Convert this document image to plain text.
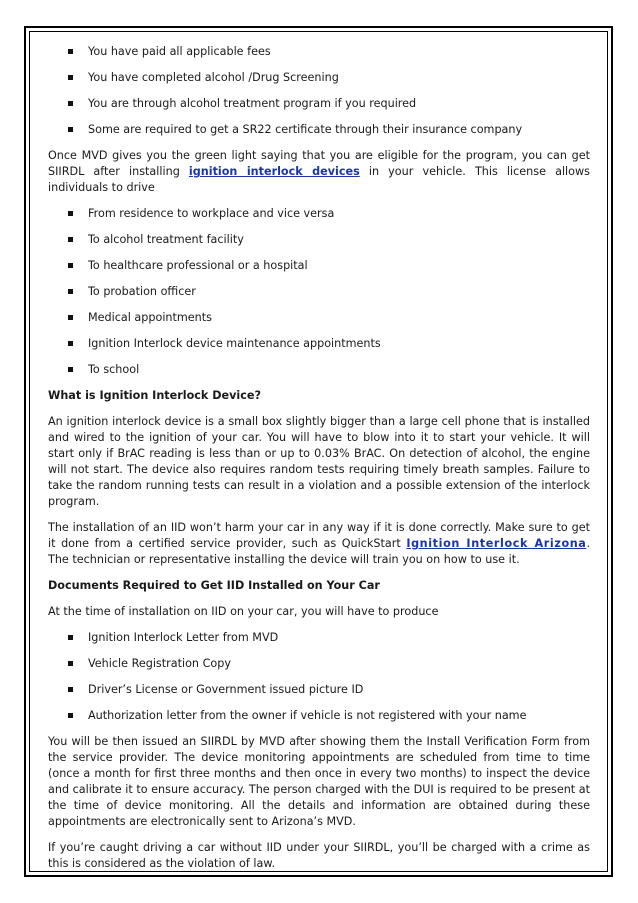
You have paid all applicable fees
You have completed alcohol /Drug Screening
You are through alcohol treatment program if you required
Some are required to get a SR22 certificate through their insurance company

Once MVD gives you the green light saying that you are eligible for the program, you can get SIIRDL after installing ignition interlock devices in your vehicle. This license allows individuals to drive

From residence to workplace and vice versa
To alcohol treatment facility
To healthcare professional or a hospital
To probation officer
Medical appointments
Ignition Interlock device maintenance appointments
To school
What is Ignition Interlock Device?

An ignition interlock device is a small box slightly bigger than a large cell phone that is installed and wired to the ignition of your car. You will have to blow into it to start your vehicle. It will start only if BrAC reading is less than or up to 0.03% BrAC. On detection of alcohol, the engine will not start. The device also requires random tests requiring timely breath samples. Failure to take the random running tests can result in a violation and a possible extension of the interlock program.

The installation of an IID won’t harm your car in any way if it is done correctly. Make sure to get it done from a certified service provider, such as QuickStart Ignition Interlock Arizona. The technician or representative installing the device will train you on how to use it.

Documents Required to Get IID Installed on Your Car

At the time of installation on IID on your car, you will have to produce

Ignition Interlock Letter from MVD
Vehicle Registration Copy
Driver’s License or Government issued picture ID
Authorization letter from the owner if vehicle is not registered with your name

You will be then issued an SIIRDL by MVD after showing them the Install Verification Form from the service provider. The device monitoring appointments are scheduled from time to time (once a month for first three months and then once in every two months) to inspect the device and calibrate it to ensure accuracy. The person charged with the DUI is required to be present at the time of device monitoring. All the details and information are obtained during these appointments are electronically sent to Arizona’s MVD.

If you’re caught driving a car without IID under your SIIRDL, you’ll be charged with a crime as this is considered as the violation of law.
